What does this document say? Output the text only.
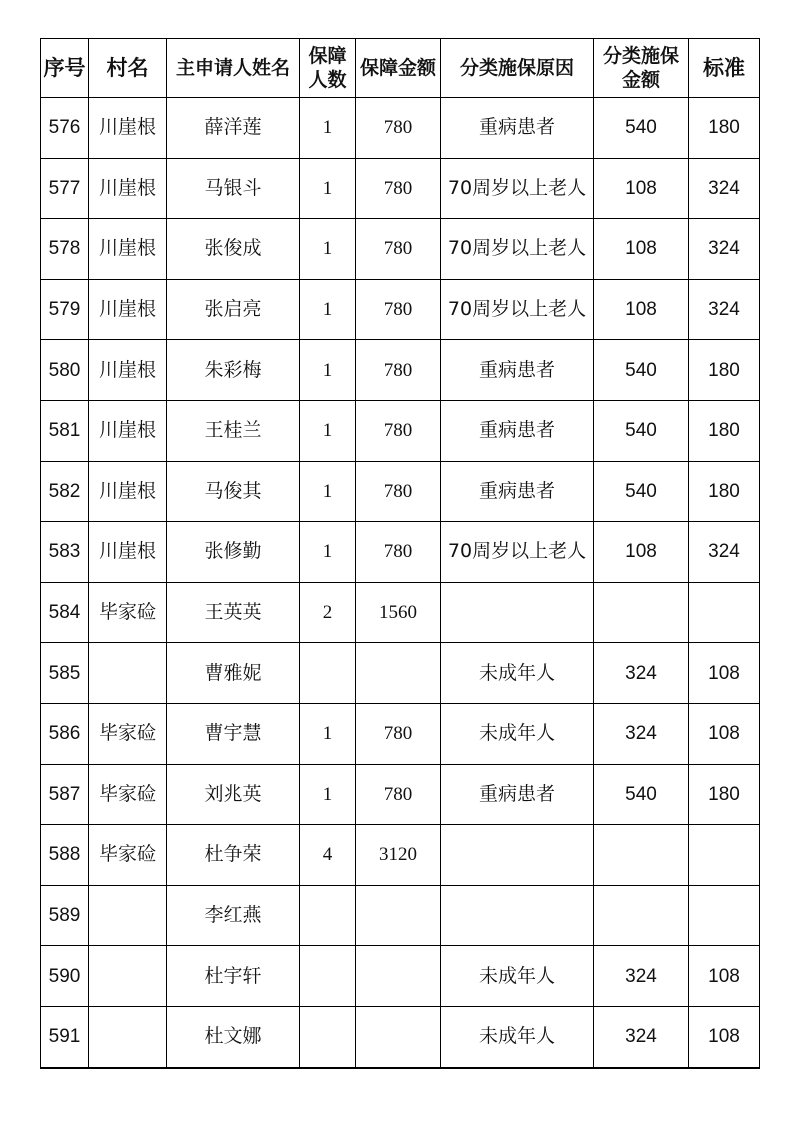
序号	村名	主申请人姓名	保障人数	保障金额	分类施保原因	分类施保金额	标准
576	川崖根	薛洋莲	1	780	重病患者	540	180
577	川崖根	马银斗	1	780	70周岁以上老人	108	324
578	川崖根	张俊成	1	780	70周岁以上老人	108	324
579	川崖根	张启亮	1	780	70周岁以上老人	108	324
580	川崖根	朱彩梅	1	780	重病患者	540	180
581	川崖根	王桂兰	1	780	重病患者	540	180
582	川崖根	马俊其	1	780	重病患者	540	180
583	川崖根	张修勤	1	780	70周岁以上老人	108	324
584	毕家硷	王英英	2	1560			
585		曹雅妮			未成年人	324	108
586	毕家硷	曹宇慧	1	780	未成年人	324	108
587	毕家硷	刘兆英	1	780	重病患者	540	180
588	毕家硷	杜争荣	4	3120			
589		李红燕					
590		杜宇轩			未成年人	324	108
591		杜文娜			未成年人	324	108
